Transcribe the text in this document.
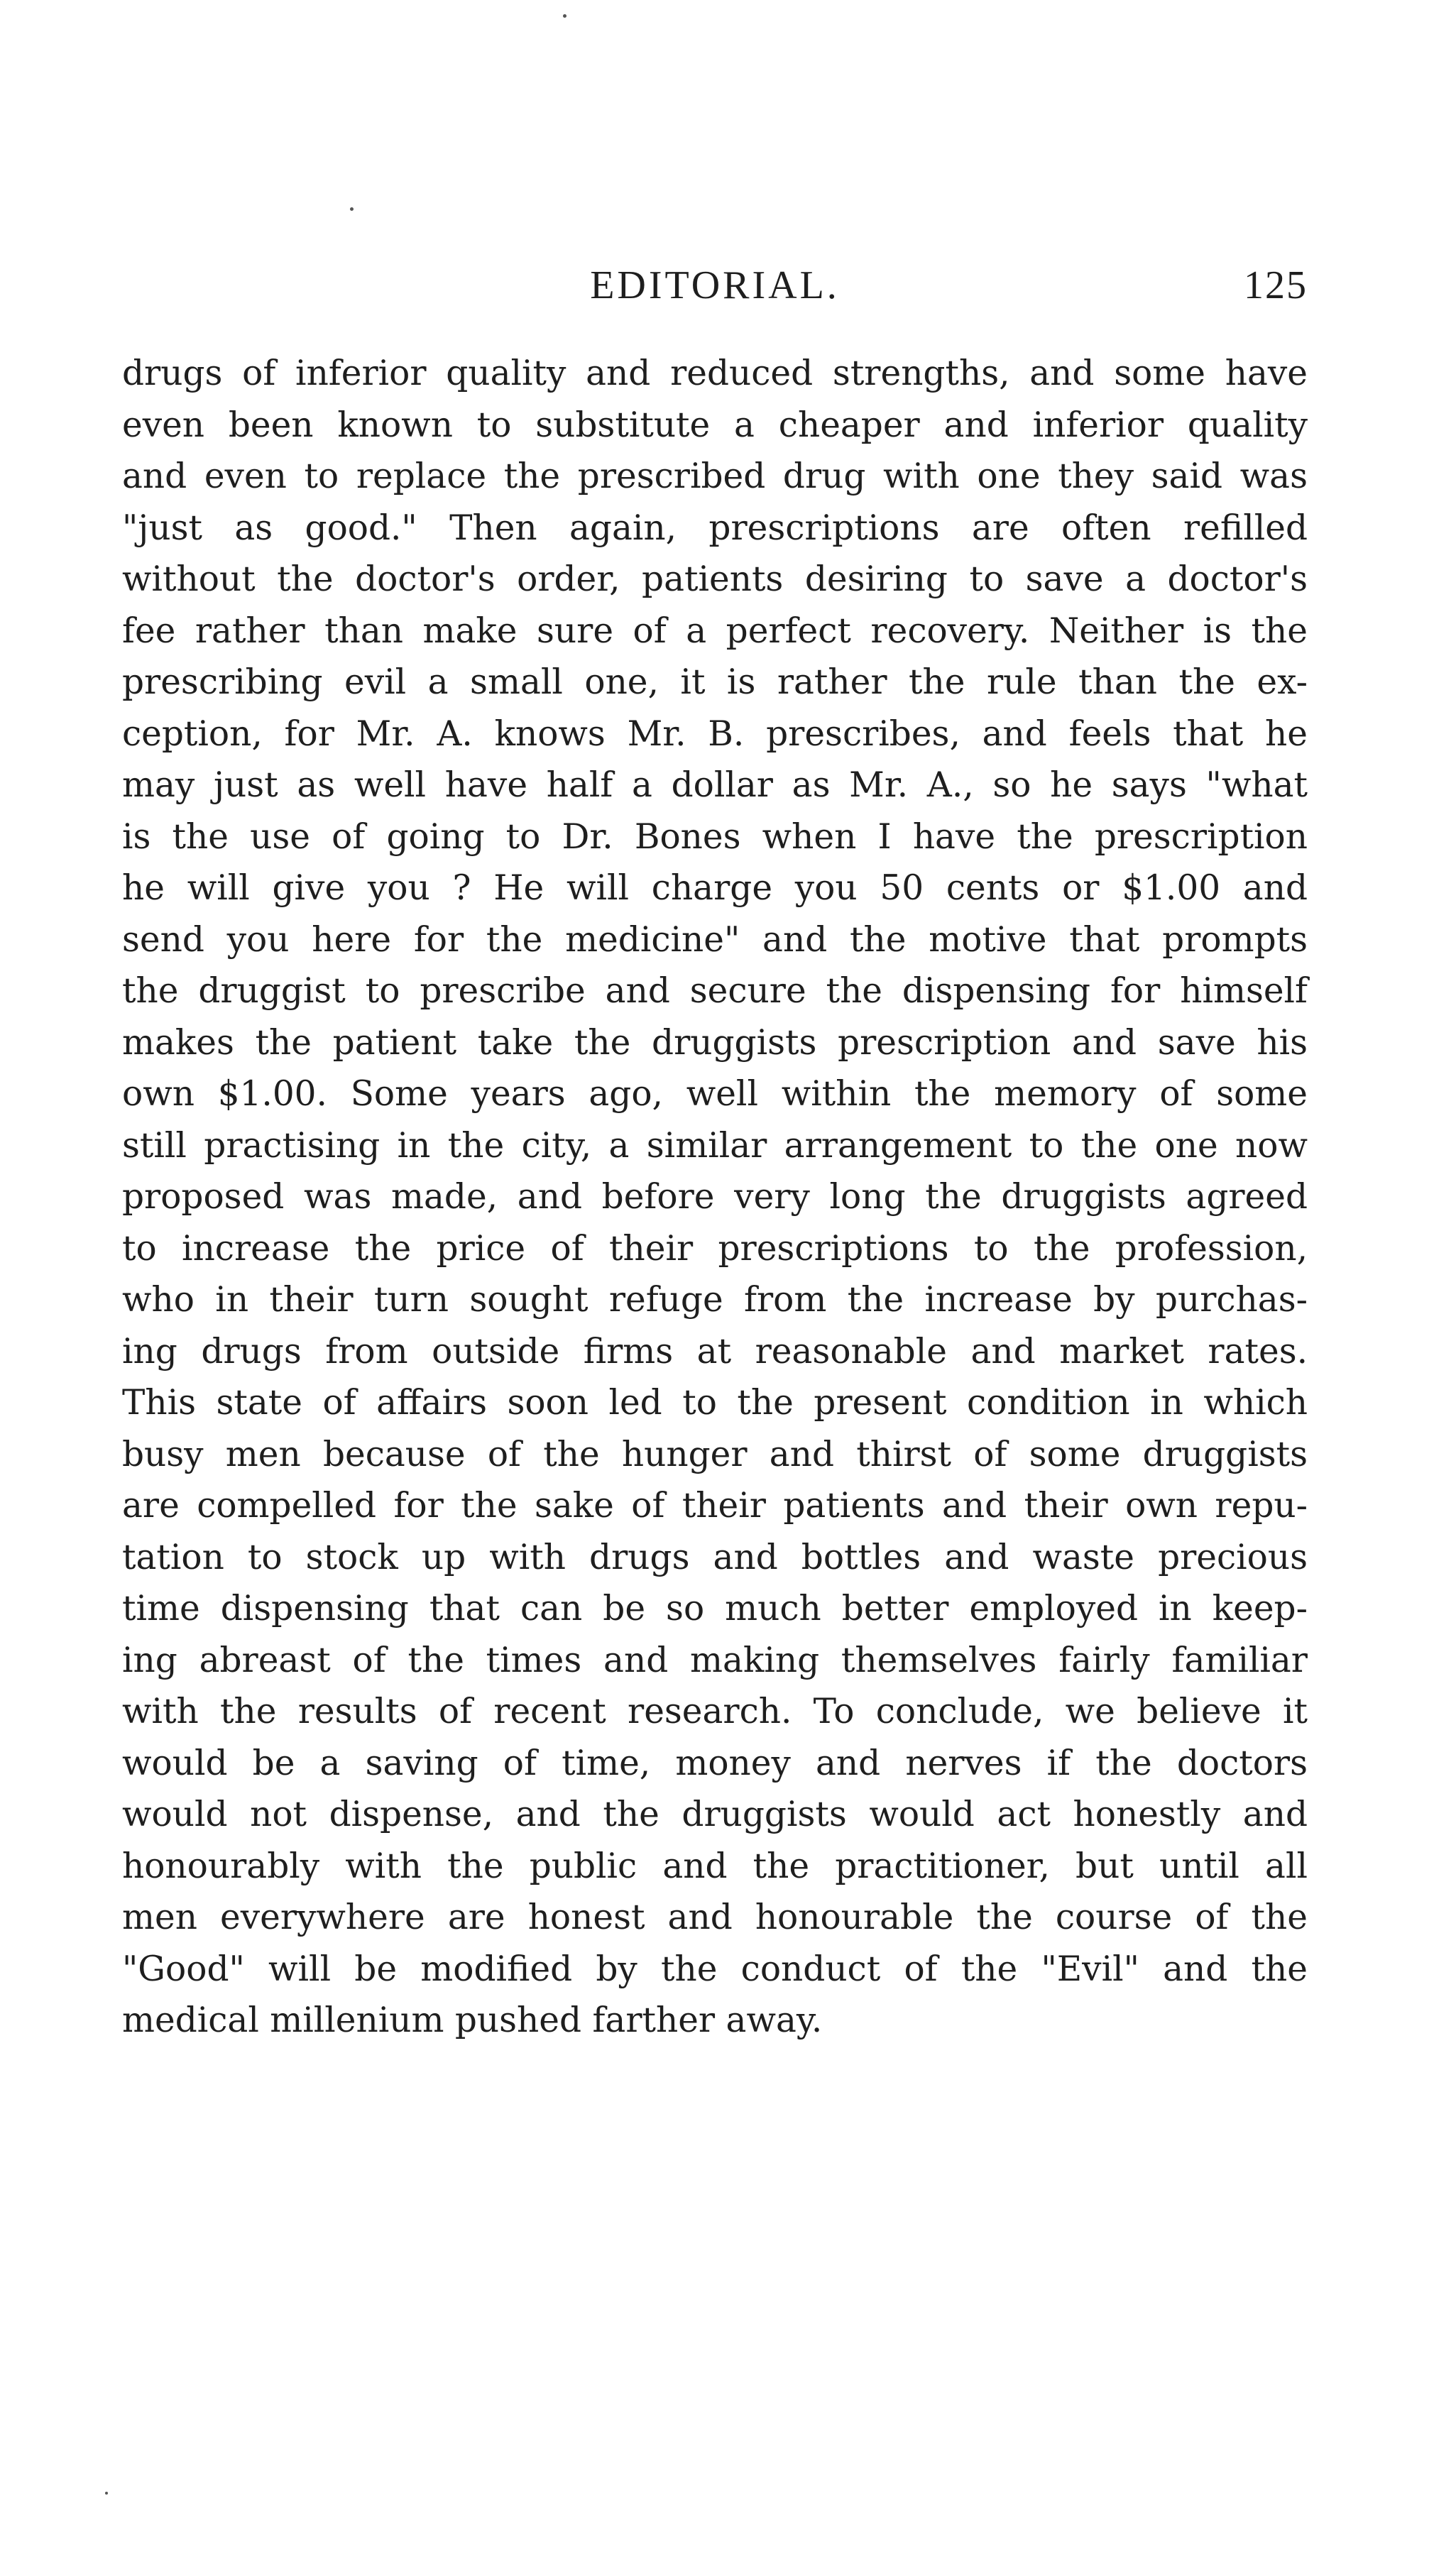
EDITORIAL.	125
drugs of inferior quality and reduced strengths, and some have
even been known to substitute a cheaper and inferior quality
and even to replace the prescribed drug with one they said was
"just as good." Then again, prescriptions are often refilled
without the doctor's order, patients desiring to save a doctor's
fee rather than make sure of a perfect recovery. Neither is the
prescribing evil a small one, it is rather the rule than the ex-
ception, for Mr. A. knows Mr. B. prescribes, and feels that he
may just as well have half a dollar as Mr. A., so he says "what
is the use of going to Dr. Bones when I have the prescription
he will give you ? He will charge you 50 cents or $1.00 and
send you here for the medicine" and the motive that prompts
the druggist to prescribe and secure the dispensing for himself
makes the patient take the druggists prescription and save his
own $1.00. Some years ago, well within the memory of some
still practising in the city, a similar arrangement to the one now
proposed was made, and before very long the druggists agreed
to increase the price of their prescriptions to the profession,
who in their turn sought refuge from the increase by purchas-
ing drugs from outside firms at reasonable and market rates.
This state of affairs soon led to the present condition in which
busy men because of the hunger and thirst of some druggists
are compelled for the sake of their patients and their own repu-
tation to stock up with drugs and bottles and waste precious
time dispensing that can be so much better employed in keep-
ing abreast of the times and making themselves fairly familiar
with the results of recent research. To conclude, we believe it
would be a saving of time, money and nerves if the doctors
would not dispense, and the druggists would act honestly and
honourably with the public and the practitioner, but until all
men everywhere are honest and honourable the course of the
"Good" will be modified by the conduct of the "Evil" and the
medical millenium pushed farther away.
